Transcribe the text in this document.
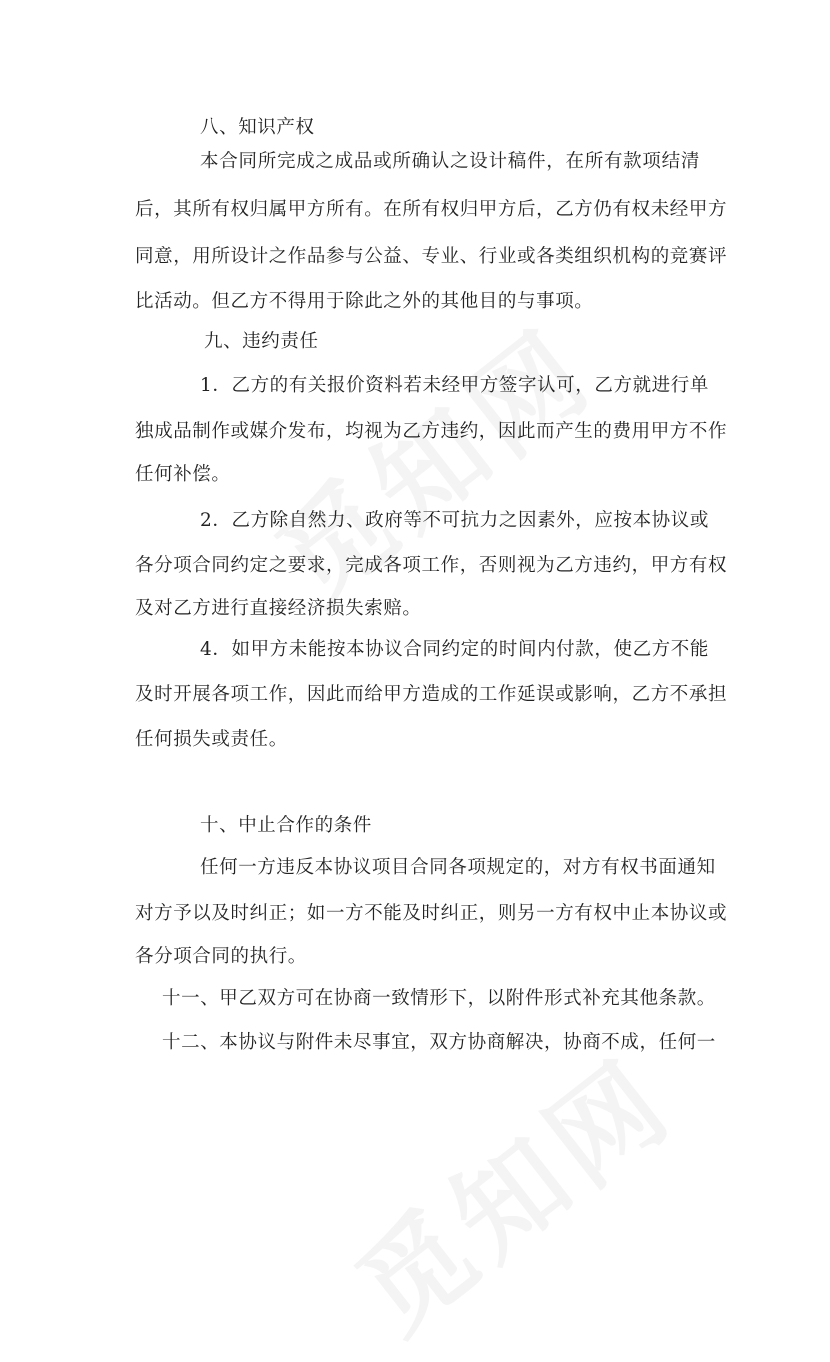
八、知识产权
本合同所完成之成品或所确认之设计稿件，在所有款项结清
后，其所有权归属甲方所有。在所有权归甲方后，乙方仍有权未经甲方
同意，用所设计之作品参与公益、专业、行业或各类组织机构的竞赛评
比活动。但乙方不得用于除此之外的其他目的与事项。
九、违约责任
1．乙方的有关报价资料若未经甲方签字认可，乙方就进行单
独成品制作或媒介发布，均视为乙方违约，因此而产生的费用甲方不作
任何补偿。
2．乙方除自然力、政府等不可抗力之因素外，应按本协议或
各分项合同约定之要求，完成各项工作，否则视为乙方违约，甲方有权
及对乙方进行直接经济损失索赔。
4．如甲方未能按本协议合同约定的时间内付款，使乙方不能
及时开展各项工作，因此而给甲方造成的工作延误或影响，乙方不承担
任何损失或责任。
十、中止合作的条件
任何一方违反本协议项目合同各项规定的，对方有权书面通知
对方予以及时纠正；如一方不能及时纠正，则另一方有权中止本协议或
各分项合同的执行。
十一、甲乙双方可在协商一致情形下，以附件形式补充其他条款。
十二、本协议与附件未尽事宜，双方协商解决，协商不成，任何一
